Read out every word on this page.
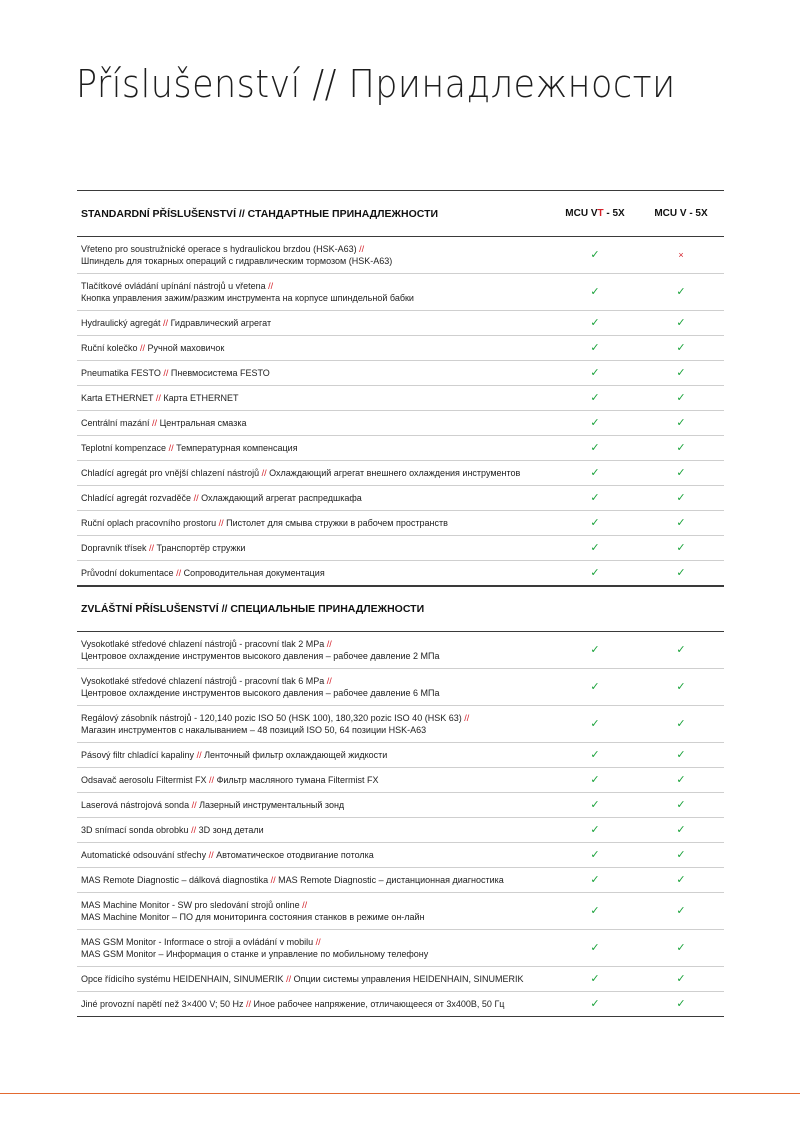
Příslušenství // Принадлежности
STANDARDNÍ PŘÍSLUŠENSTVÍ // СТАНДАРТНЫЕ ПРИНАДЛЕЖНОСТИ	MCU VT - 5X	MCU V - 5X
Vřeteno pro soustružnické operace s hydraulickou brzdou (HSK-A63) //
Шпиндель для токарных операций с гидравлическим тормозом (HSK-A63)
✓	×
Tlačítkové ovládání upínání nástrojů u vřetena //
Кнопка управления зажим/разжим инструмента на корпусе шпиндельной бабки
✓	✓
Hydraulický agregát // Гидравлический агрегат	✓	✓
Ruční kolečko // Ручной маховичок	✓	✓
Pneumatika FESTO // Пневмосистема FESTO	✓	✓
Karta ETHERNET // Карта ETHERNET	✓	✓
Centrální mazání // Центральная смазка	✓	✓
Teplotní kompenzace // Температурная компенсация	✓	✓
Chladící agregát pro vnější chlazení nástrojů // Охлаждающий агрегат внешнего охлаждения инструментов	✓	✓
Chladící agregát rozvaděče // Охлаждающий агрегат распредшкафа	✓	✓
Ruční oplach pracovního prostoru // Пистолет для смыва стружки в рабочем пространств	✓	✓
Dopravník třísek // Транспортёр стружки	✓	✓
Průvodní dokumentace // Сопроводительная документация	✓	✓
ZVLÁŠTNÍ PŘÍSLUŠENSTVÍ // СПЕЦИАЛЬНЫЕ ПРИНАДЛЕЖНОСТИ
Vysokotlaké středové chlazení nástrojů - pracovní tlak 2 MPa //
Центровое охлаждение инструментов высокого давления – рабочее давление 2 МПа
✓	✓
Vysokotlaké středové chlazení nástrojů - pracovní tlak 6 MPa //
Центровое охлаждение инструментов высокого давления – рабочее давление 6 МПа
✓	✓
Regálový zásobník nástrojů - 120,140 pozic ISO 50 (HSK 100), 180,320 pozic ISO 40 (HSK 63) //
Магазин инструментов с накалыванием – 48 позиций ISO 50, 64 позиции HSK-A63
✓	✓
Pásový filtr chladící kapaliny // Ленточный фильтр охлаждающей жидкости	✓	✓
Odsavač aerosolu Filtermist FX // Фильтр масляного тумана Filtermist FX	✓	✓
Laserová nástrojová sonda // Лазерный инструментальный зонд	✓	✓
3D snímací sonda obrobku // 3D зонд детали	✓	✓
Automatické odsouvání střechy // Автоматическое отодвигание потолка	✓	✓
MAS Remote Diagnostic – dálková diagnostika // MAS Remote Diagnostic – дистанционная диагностика	✓	✓
MAS Machine Monitor - SW pro sledování strojů online //
MAS Machine Monitor – ПО для мониторинга состояния станков в режиме он-лайн
✓	✓
MAS GSM Monitor - Informace o stroji a ovládání v mobilu //
MAS GSM Monitor – Информация о станке и управление по мобильному телефону
✓	✓
Opce řídicího systému HEIDENHAIN, SINUMERIK // Опции системы управления HEIDENHAIN, SINUMERIK	✓	✓
Jiné provozní napětí než 3×400 V; 50 Hz // Иное рабочее напряжение, отличающееся от 3x400В, 50 Гц	✓	✓
